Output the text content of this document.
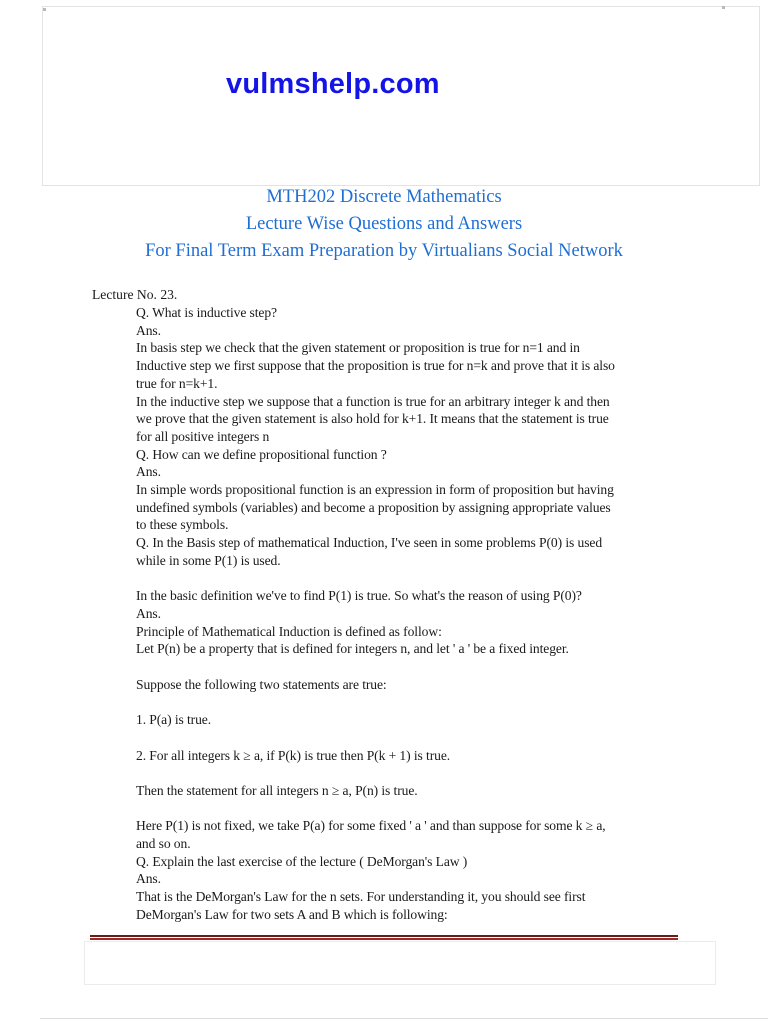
vulmshelp.com
MTH202 Discrete Mathematics
Lecture Wise Questions and Answers
For Final Term Exam Preparation by Virtualians Social Network
Lecture No. 23.
Q. What is inductive step?
Ans.
In basis step we check that the given statement or proposition is true for n=1 and in
Inductive step we first suppose that the proposition is true for n=k and prove that it is also
true for n=k+1.
In the inductive step we suppose that a function is true for an arbitrary integer k and then
we prove that the given statement is also hold for k+1. It means that the statement is true
for all positive integers n
Q. How can we define propositional function ?
Ans.
In simple words propositional function is an expression in form of proposition but having
undefined symbols (variables) and become a proposition by assigning appropriate values
to these symbols.
Q. In the Basis step of mathematical Induction, I've seen in some problems P(0) is used
while in some P(1) is used.
In the basic definition we've to find P(1) is true. So what's the reason of using P(0)?
Ans.
Principle of Mathematical Induction is defined as follow:
Let P(n) be a property that is defined for integers n, and let ' a ' be a fixed integer.
Suppose the following two statements are true:
1. P(a) is true.
2. For all integers k ≥ a, if P(k) is true then P(k + 1) is true.
Then the statement for all integers n ≥ a, P(n) is true.
Here P(1) is not fixed, we take P(a) for some fixed ' a ' and than suppose for some k ≥ a,
and so on.
Q. Explain the last exercise of the lecture ( DeMorgan's Law )
Ans.
That is the DeMorgan's Law for the n sets. For understanding it, you should see first
DeMorgan's Law for two sets A and B which is following:
